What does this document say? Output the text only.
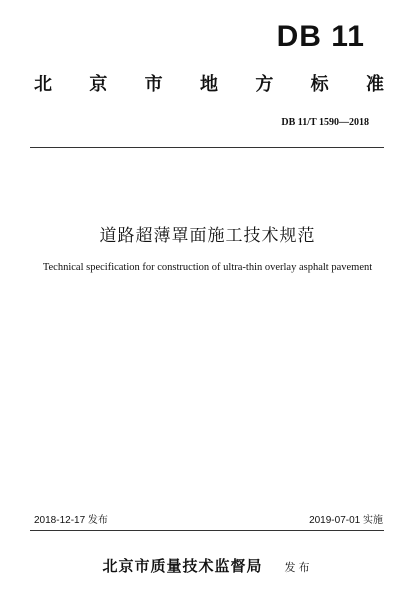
DB 11
北 京 市 地 方 标 准
DB 11/T 1590—2018
道路超薄罩面施工技术规范
Technical specification for construction of ultra-thin overlay asphalt pavement
2018-12-17 发布	2019-07-01 实施
北京市质量技术监督局 发布
